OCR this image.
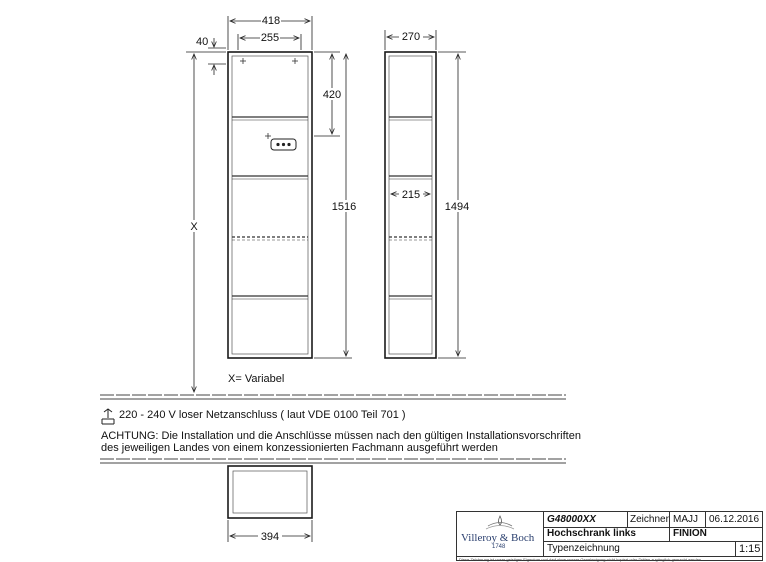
418
255
40
X
420
1516
X= Variabel
270
215
1494
394
220 - 240 V loser Netzanschluss ( laut VDE 0100 Teil 701 )
ACHTUNG: Die Installation und die Anschlüsse müssen nach den gültigen Installationsvorschriften
des jeweiligen Landes von einem konzessionierten Fachmann ausgeführt werden
Villeroy & Boch
1748
G48000XX	Zeichner MAJJ 06.12.2016
Hochschrank links	FINION
Typenzeichnung	1:15
Diese Zeichnung ist unser geistiges Eigentum und darf ohne unsere Genehmigung nicht kopiert oder Dritten zugänglich gemacht werden
